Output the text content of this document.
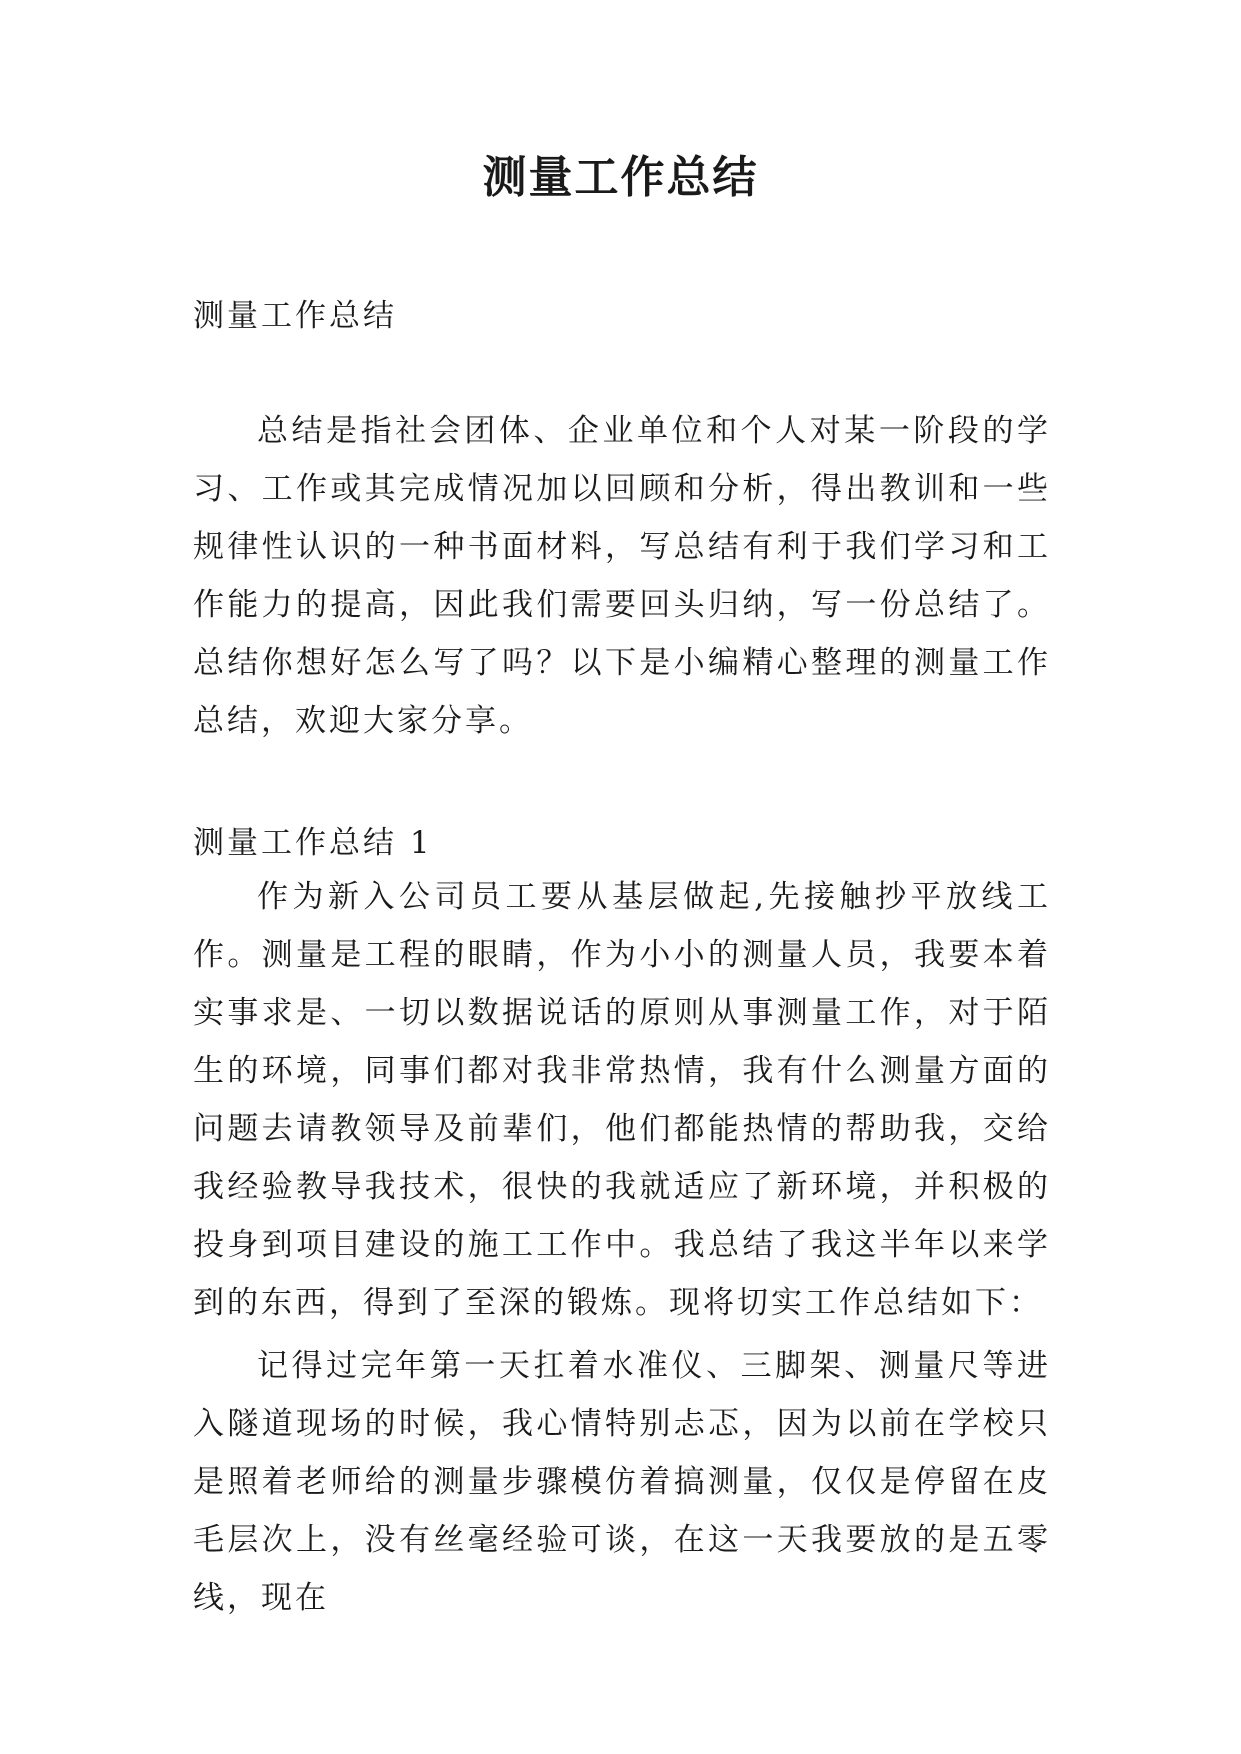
测量工作总结

测量工作总结

总结是指社会团体、企业单位和个人对某一阶段的学习、工作或其完成情况加以回顾和分析，得出教训和一些规律性认识的一种书面材料，写总结有利于我们学习和工作能力的提高，因此我们需要回头归纳，写一份总结了。总结你想好怎么写了吗？以下是小编精心整理的测量工作总结，欢迎大家分享。

测量工作总结 1

作为新入公司员工要从基层做起,先接触抄平放线工作。测量是工程的眼睛，作为小小的测量人员，我要本着实事求是、一切以数据说话的原则从事测量工作，对于陌生的环境，同事们都对我非常热情，我有什么测量方面的问题去请教领导及前辈们，他们都能热情的帮助我，交给我经验教导我技术，很快的我就适应了新环境，并积极的投身到项目建设的施工工作中。我总结了我这半年以来学到的东西，得到了至深的锻炼。现将切实工作总结如下：

记得过完年第一天扛着水准仪、三脚架、测量尺等进入隧道现场的时候，我心情特别忐忑，因为以前在学校只是照着老师给的测量步骤模仿着搞测量，仅仅是停留在皮毛层次上，没有丝毫经验可谈，在这一天我要放的是五零线，现在
